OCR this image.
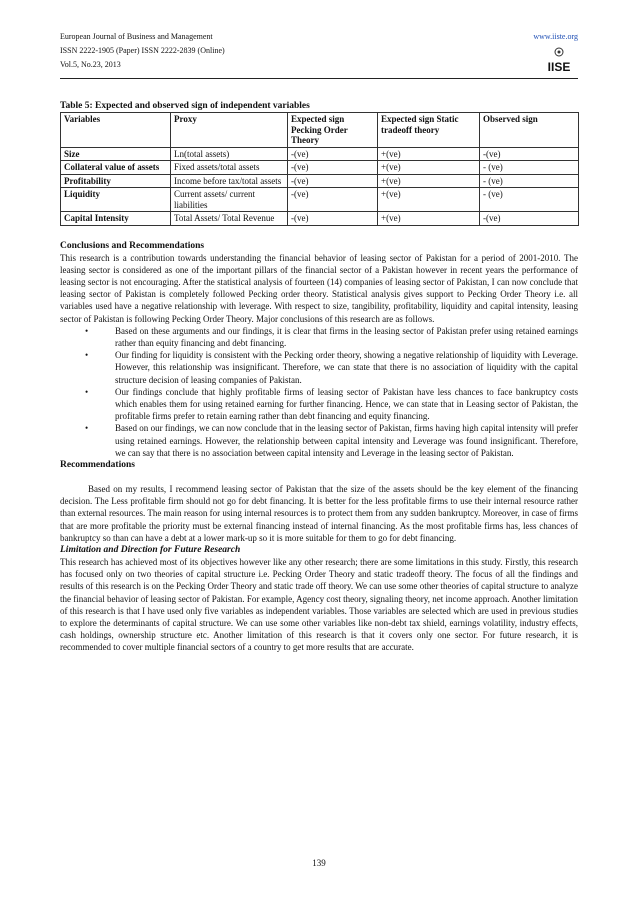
European Journal of Business and Management
ISSN 2222-1905 (Paper) ISSN 2222-2839 (Online)
Vol.5, No.23, 2013
www.iiste.org
IISE
Table 5: Expected and observed sign of independent variables
Variables	Proxy	Expected sign Pecking Order Theory	Expected sign Static tradeoff theory	Observed sign
Size	Ln(total assets)	-(ve)	+(ve)	-(ve)
Collateral value of assets	Fixed assets/total assets	-(ve)	+(ve)	- (ve)
Profitability	Income before tax/total assets	-(ve)	+(ve)	- (ve)
Liquidity	Current assets/ current liabilities	-(ve)	+(ve)	- (ve)
Capital Intensity	Total Assets/ Total Revenue	-(ve)	+(ve)	-(ve)

Conclusions and Recommendations

This research is a contribution towards understanding the financial behavior of leasing sector of Pakistan for a period of 2001-2010. The leasing sector is considered as one of the important pillars of the financial sector of a Pakistan however in recent years the performance of leasing sector is not encouraging. After the statistical analysis of fourteen (14) companies of leasing sector of Pakistan, I can now conclude that leasing sector of Pakistan is completely followed Pecking order theory. Statistical analysis gives support to Pecking Order Theory i.e. all variables used have a negative relationship with leverage. With respect to size, tangibility, profitability, liquidity and capital intensity, leasing sector of Pakistan is following Pecking Order Theory. Major conclusions of this research are as follows.

•	Based on these arguments and our findings, it is clear that firms in the leasing sector of Pakistan prefer using retained earnings rather than equity financing and debt financing.
•	Our finding for liquidity is consistent with the Pecking order theory, showing a negative relationship of liquidity with Leverage. However, this relationship was insignificant. Therefore, we can state that there is no association of liquidity with the capital structure decision of leasing companies of Pakistan.
•	Our findings conclude that highly profitable firms of leasing sector of Pakistan have less chances to face bankruptcy costs which enables them for using retained earning for further financing. Hence, we can state that in Leasing sector of Pakistan, the profitable firms prefer to retain earning rather than debt financing and equity financing.
•	Based on our findings, we can now conclude that in the leasing sector of Pakistan, firms having high capital intensity will prefer using retained earnings. However, the relationship between capital intensity and Leverage was found insignificant. Therefore, we can say that there is no association between capital intensity and Leverage in the leasing sector of Pakistan.

Recommendations

Based on my results, I recommend leasing sector of Pakistan that the size of the assets should be the key element of the financing decision. The Less profitable firm should not go for debt financing. It is better for the less profitable firms to use their internal resource rather than external resources. The main reason for using internal resources is to protect them from any sudden bankruptcy. Moreover, in case of firms that are more profitable the priority must be external financing instead of internal financing. As the most profitable firms has, less chances of bankruptcy so than can have a debt at a lower mark-up so it is more suitable for them to go for debt financing.

Limitation and Direction for Future Research

This research has achieved most of its objectives however like any other research; there are some limitations in this study. Firstly, this research has focused only on two theories of capital structure i.e. Pecking Order Theory and static tradeoff theory. The focus of all the findings and results of this research is on the Pecking Order Theory and static trade off theory. We can use some other theories of capital structure to analyze the financial behavior of leasing sector of Pakistan. For example, Agency cost theory, signaling theory, net income approach. Another limitation of this research is that I have used only five variables as independent variables. Those variables are selected which are used in previous studies to explore the determinants of capital structure. We can use some other variables like non-debt tax shield, earnings volatility, industry effects, cash holdings, ownership structure etc. Another limitation of this research is that it covers only one sector. For future research, it is recommended to cover multiple financial sectors of a country to get more results that are accurate.

139
